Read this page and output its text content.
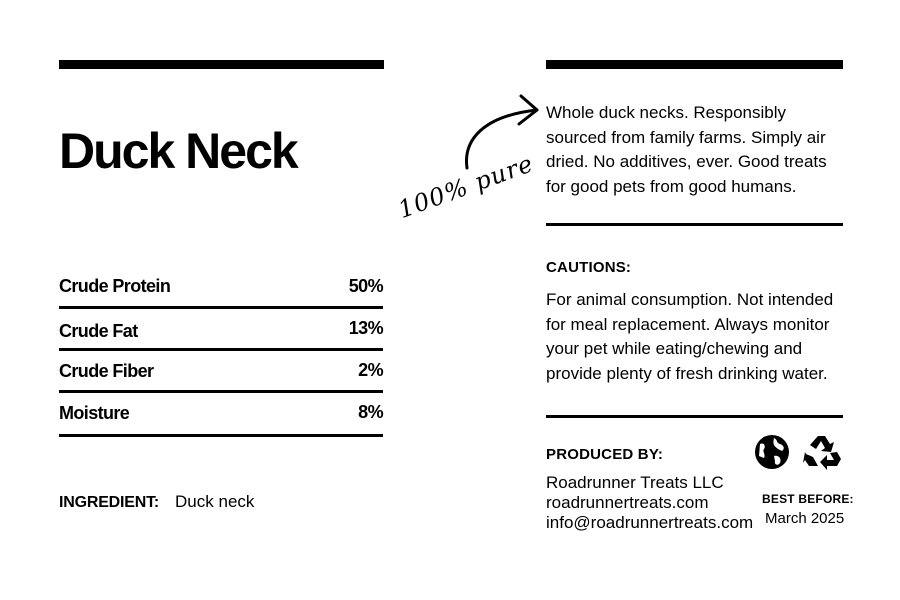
Duck Neck
Crude Protein	50%
Crude Fat	13%
Crude Fiber	2%
Moisture	8%
INGREDIENT: Duck neck
100% pure
Whole duck necks. Responsibly sourced from family farms. Simply air dried. No additives, ever. Good treats for good pets from good humans.
CAUTIONS:
For animal consumption. Not intended for meal replacement. Always monitor your pet while eating/chewing and provide plenty of fresh drinking water.
PRODUCED BY:
Roadrunner Treats LLC
roadrunnertreats.com
info@roadrunnertreats.com
BEST BEFORE:
March 2025
